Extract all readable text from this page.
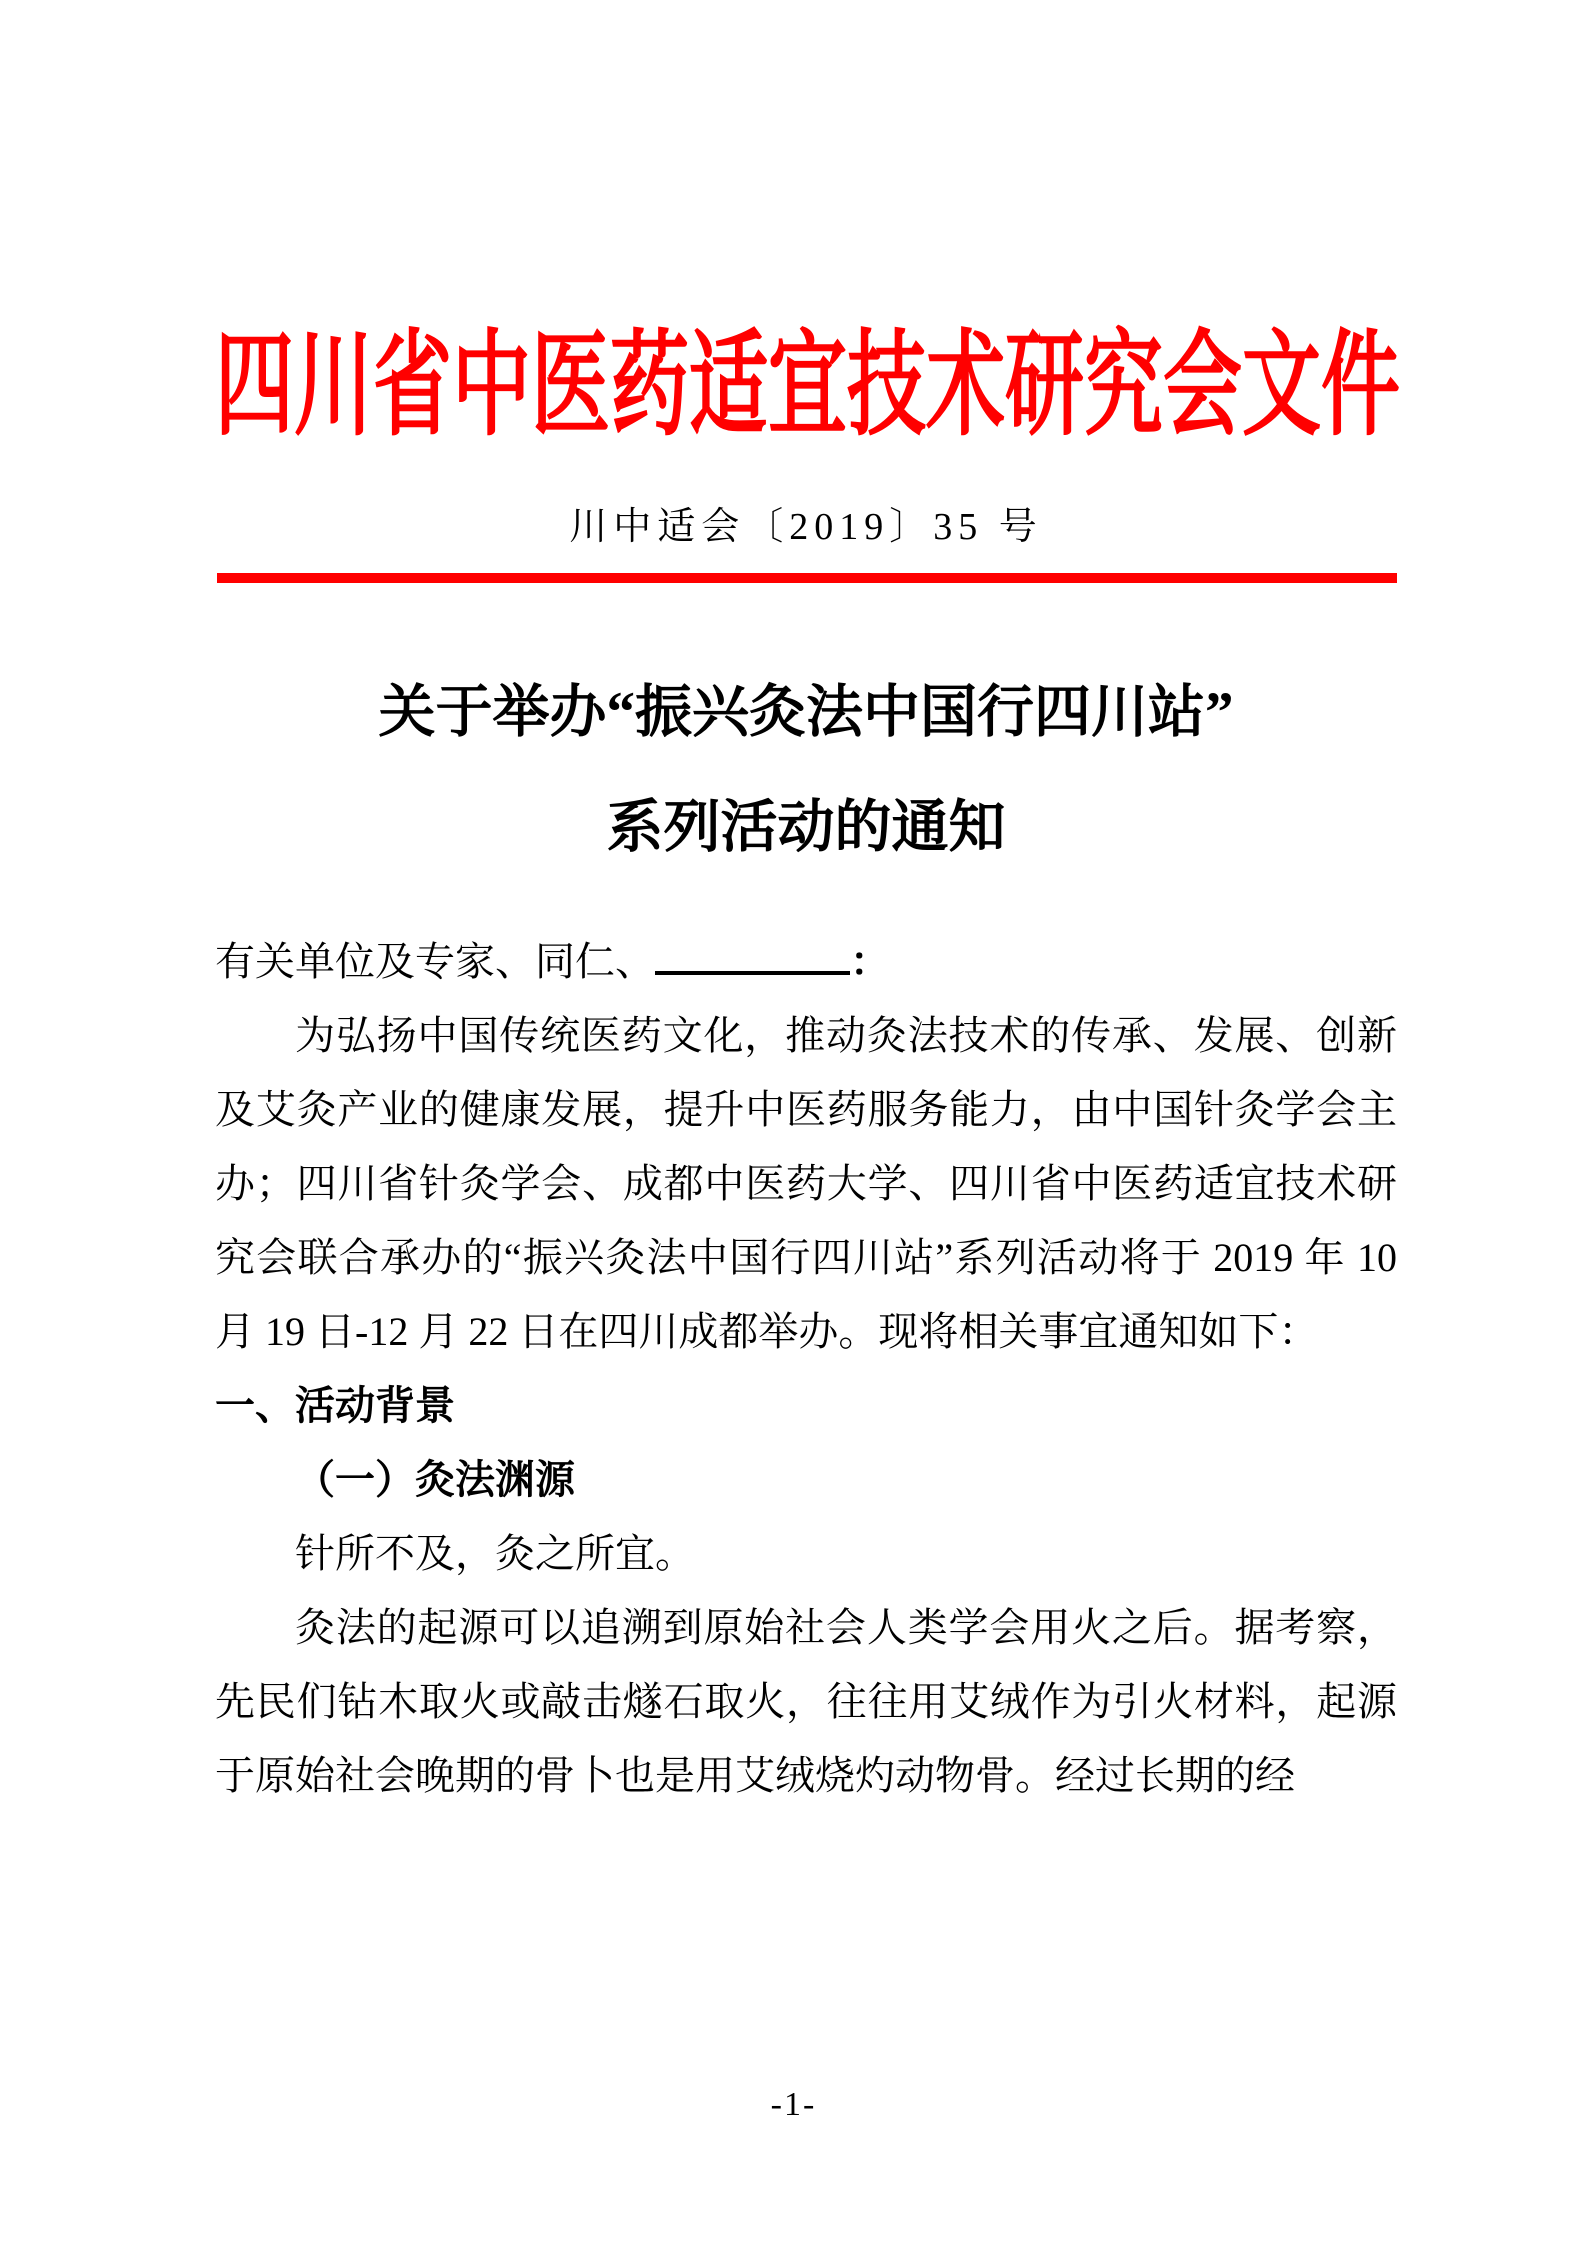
四川省中医药适宜技术研究会文件
川中适会〔2019〕35 号
关于举办“振兴灸法中国行四川站”
系列活动的通知

有关单位及专家、同仁、	：

为弘扬中国传统医药文化，推动灸法技术的传承、发展、创新及艾灸产业的健康发展，提升中医药服务能力，由中国针灸学会主办；四川省针灸学会、成都中医药大学、四川省中医药适宜技术研究会联合承办的“振兴灸法中国行四川站”系列活动将于 2019 年 10 月 19 日-12 月 22 日在四川成都举办。现将相关事宜通知如下：

一、活动背景
（一）灸法渊源

针所不及，灸之所宜。

灸法的起源可以追溯到原始社会人类学会用火之后。据考察，先民们钻木取火或敲击燧石取火，往往用艾绒作为引火材料，起源于原始社会晚期的骨卜也是用艾绒烧灼动物骨。经过长期的经

-1-
